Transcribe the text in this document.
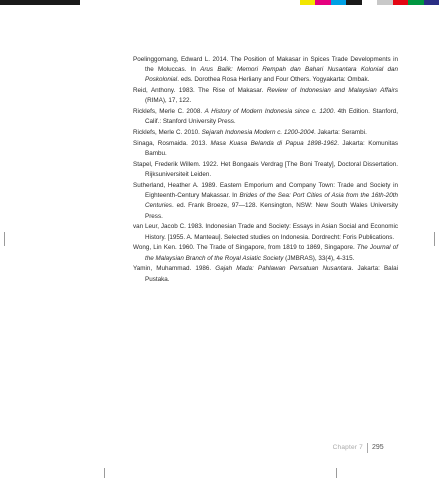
Poelinggomang, Edward L. 2014. The Position of Makasar in Spices Trade Developments in the Moluccas. In Arus Balik: Memori Rempah dan Bahari Nusantara Kolonial dan Poskolonial. eds. Dorothea Rosa Herliany and Four Others. Yogyakarta: Ombak.

Reid, Anthony. 1983. The Rise of Makasar. Review of Indonesian and Malaysian Affairs (RIMA), 17, 122.

Ricklefs, Merle C. 2008. A History of Modern Indonesia since c. 1200. 4th Edition. Stanford, Calif.: Stanford University Press.

Ricklefs, Merle C. 2010. Sejarah Indonesia Modern c. 1200-2004. Jakarta: Serambi.

Sinaga, Rosmaida. 2013. Masa Kuasa Belanda di Papua 1898-1962. Jakarta: Komunitas Bambu.

Stapel, Frederik Willem. 1922. Het Bongaais Verdrag [The Boni Treaty], Doctoral Dissertation. Rijksuniversiteit Leiden.

Sutherland, Heather A. 1989. Eastern Emporium and Company Town: Trade and Society in Eighteenth-Century Makassar. In Brides of the Sea: Port Cities of Asia from the 16th-20th Centuries. ed. Frank Broeze, 97—128. Kensington, NSW: New South Wales University Press.

van Leur, Jacob C. 1983. Indonesian Trade and Society: Essays in Asian Social and Economic History. [1955. A. Manteau]. Selected studies on Indonesia. Dordrecht: Foris Publications.

Wong, Lin Ken. 1960. The Trade of Singapore, from 1819 to 1869, Singapore. The Journal of the Malaysian Branch of the Royal Asiatic Society (JMBRAS), 33(4), 4-315.

Yamin, Muhammad. 1986. Gajah Mada: Pahlawan Persatuan Nusantara. Jakarta: Balai Pustaka.

Chapter 7 295
